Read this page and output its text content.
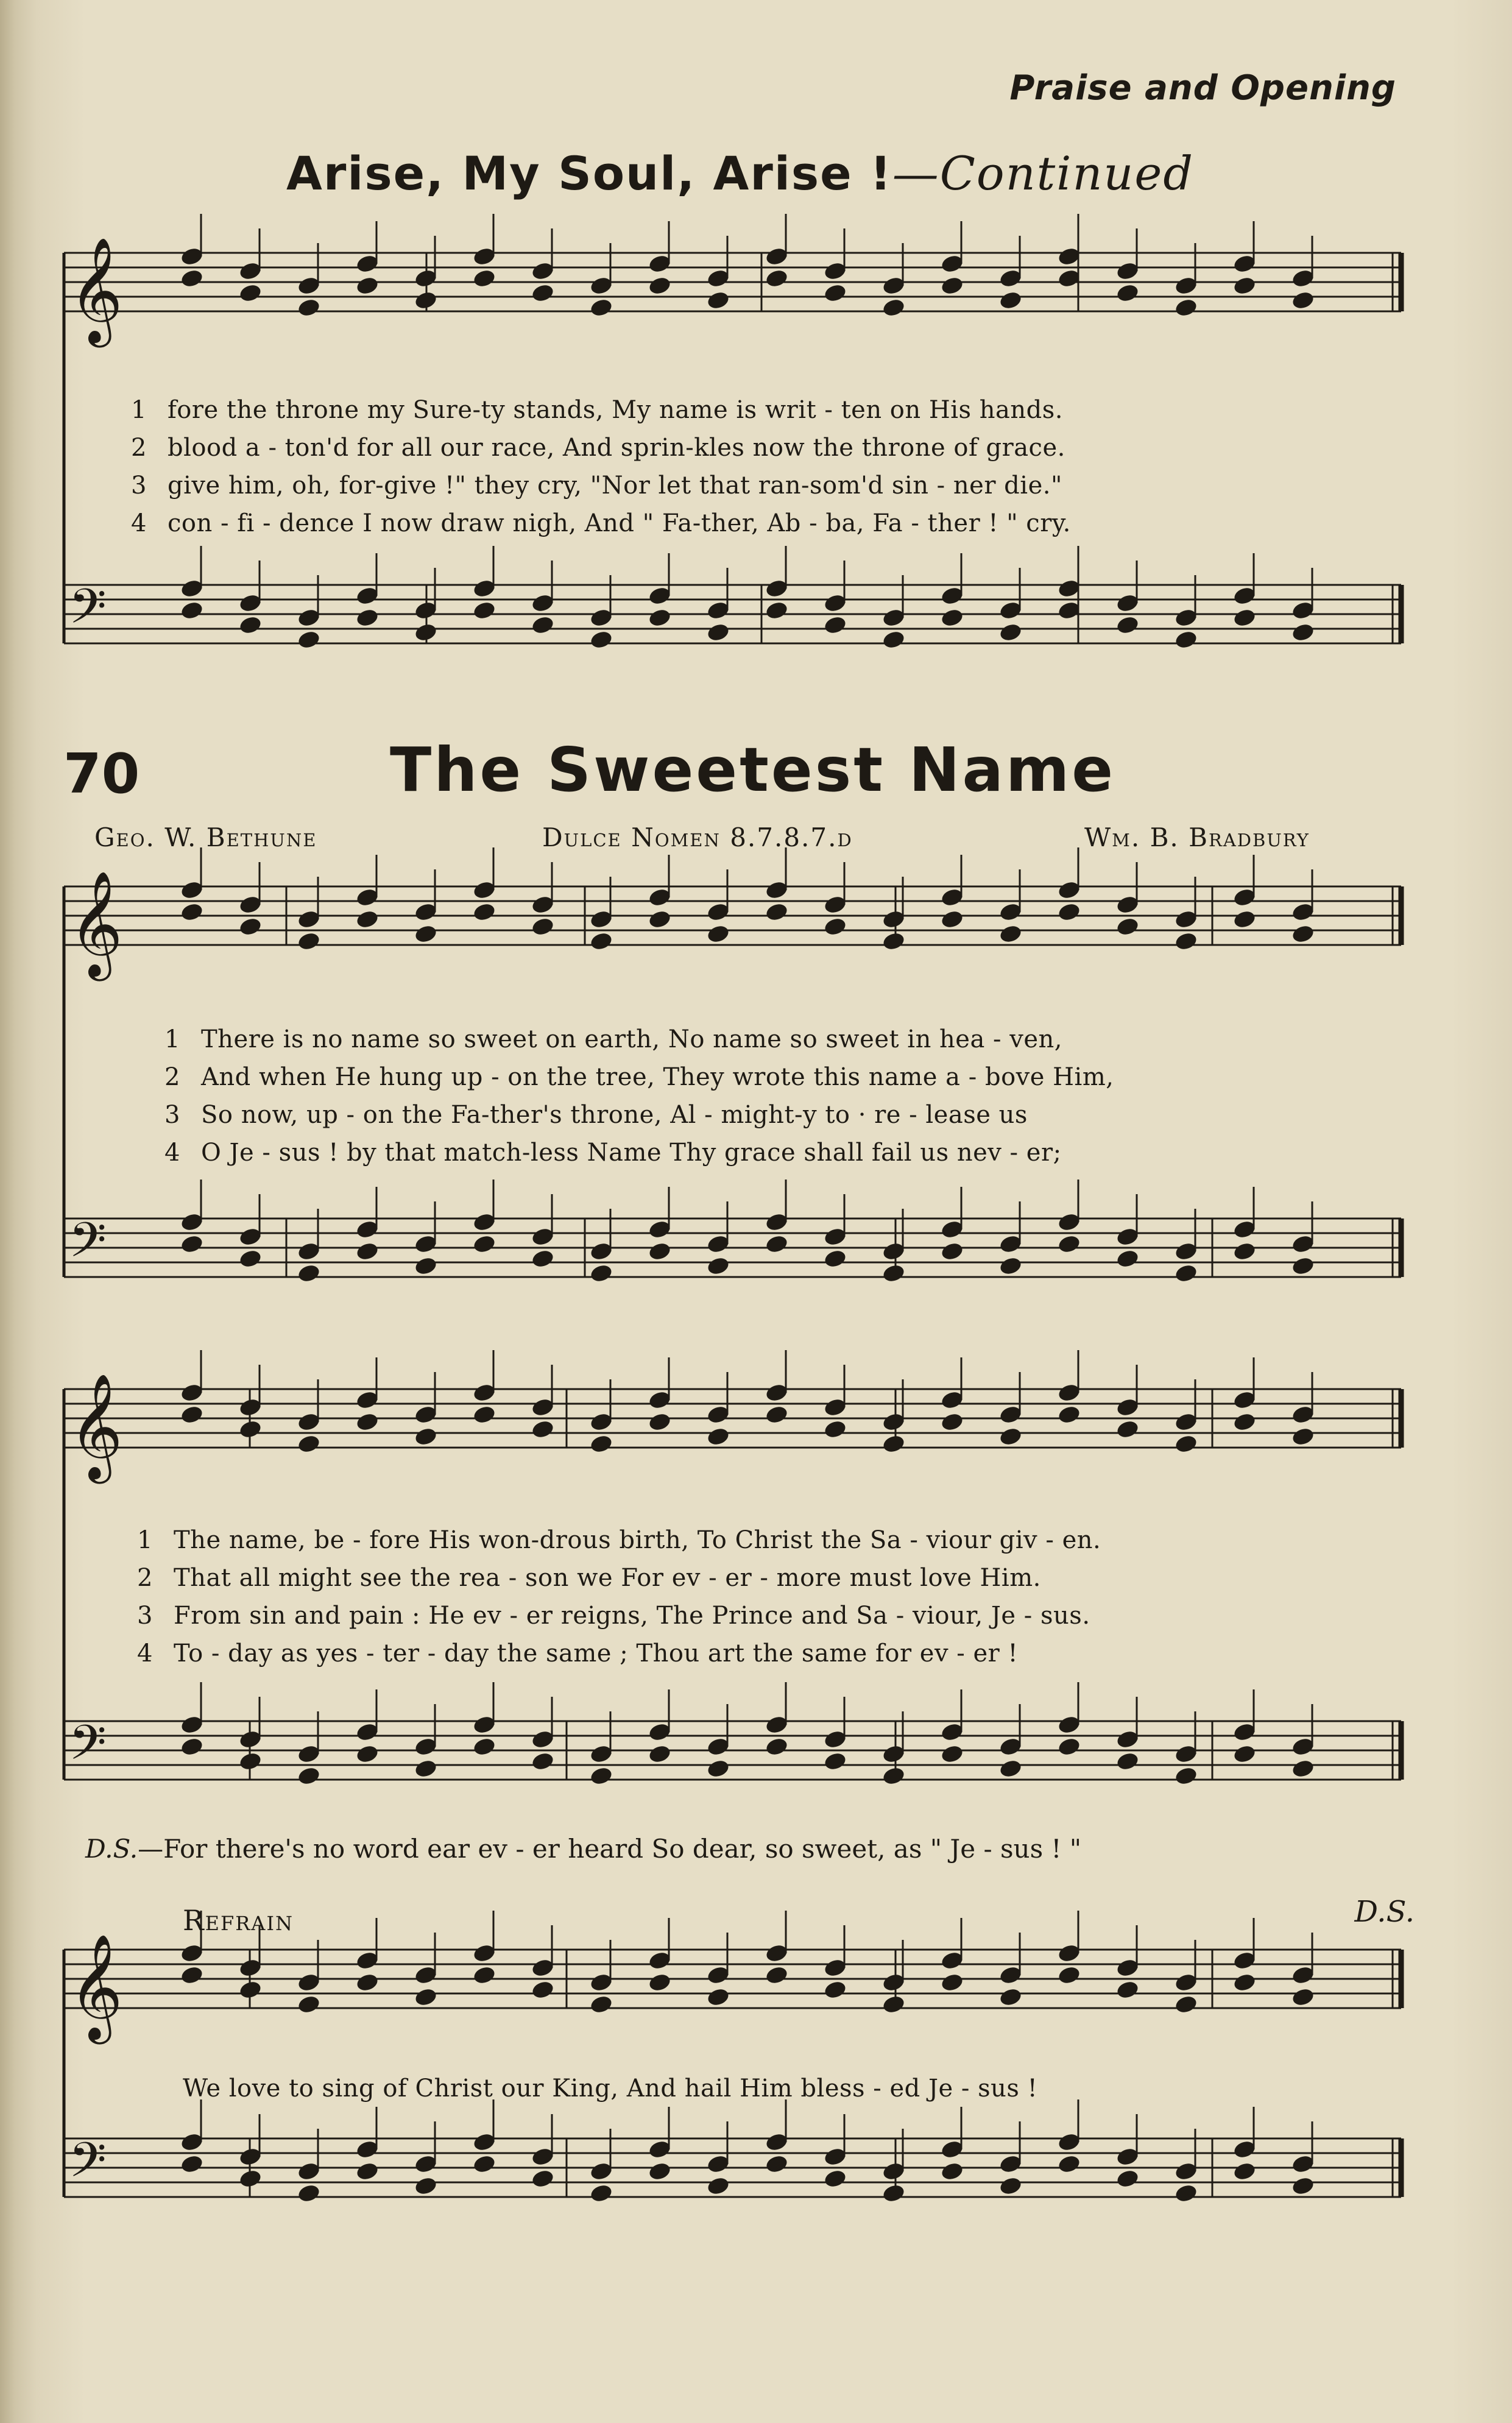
Praise and Opening
Arise, My Soul, Arise !—Continued
𝄞
𝄢
𝄞
𝄢
𝄞
𝄢
𝄞
𝄢
1 fore the throne my Sure-ty stands, My name is writ - ten on His hands.
2 blood a - ton'd for all our race, And sprin-kles now the throne of grace.
3 give him, oh, for-give !" they cry, "Nor let that ran-som'd sin - ner die."
4 con - fi - dence I now draw nigh, And " Fa-ther, Ab - ba, Fa - ther ! " cry.
70	The Sweetest Name
Geo. W. Bethune	Dulce Nomen 8.7.8.7.d	Wm. B. Bradbury
1 There is no name so sweet on earth, No name so sweet in hea - ven,
2 And when He hung up - on the tree, They wrote this name a - bove Him,
3 So now, up - on the Fa-ther's throne, Al - might-y to · re - lease us
4 O Je - sus ! by that match-less Name Thy grace shall fail us nev - er;
1 The name, be - fore His won-drous birth, To Christ the Sa - viour giv - en.
2 That all might see the rea - son we For ev - er - more must love Him.
3 From sin and pain : He ev - er reigns, The Prince and Sa - viour, Je - sus.
4 To - day as yes - ter - day the same ; Thou art the same for ev - er !
D.S.—For there's no word ear ev - er heard So dear, so sweet, as " Je - sus ! "
Refrain	D.S.
We love to sing of Christ our King, And hail Him bless - ed Je - sus !
